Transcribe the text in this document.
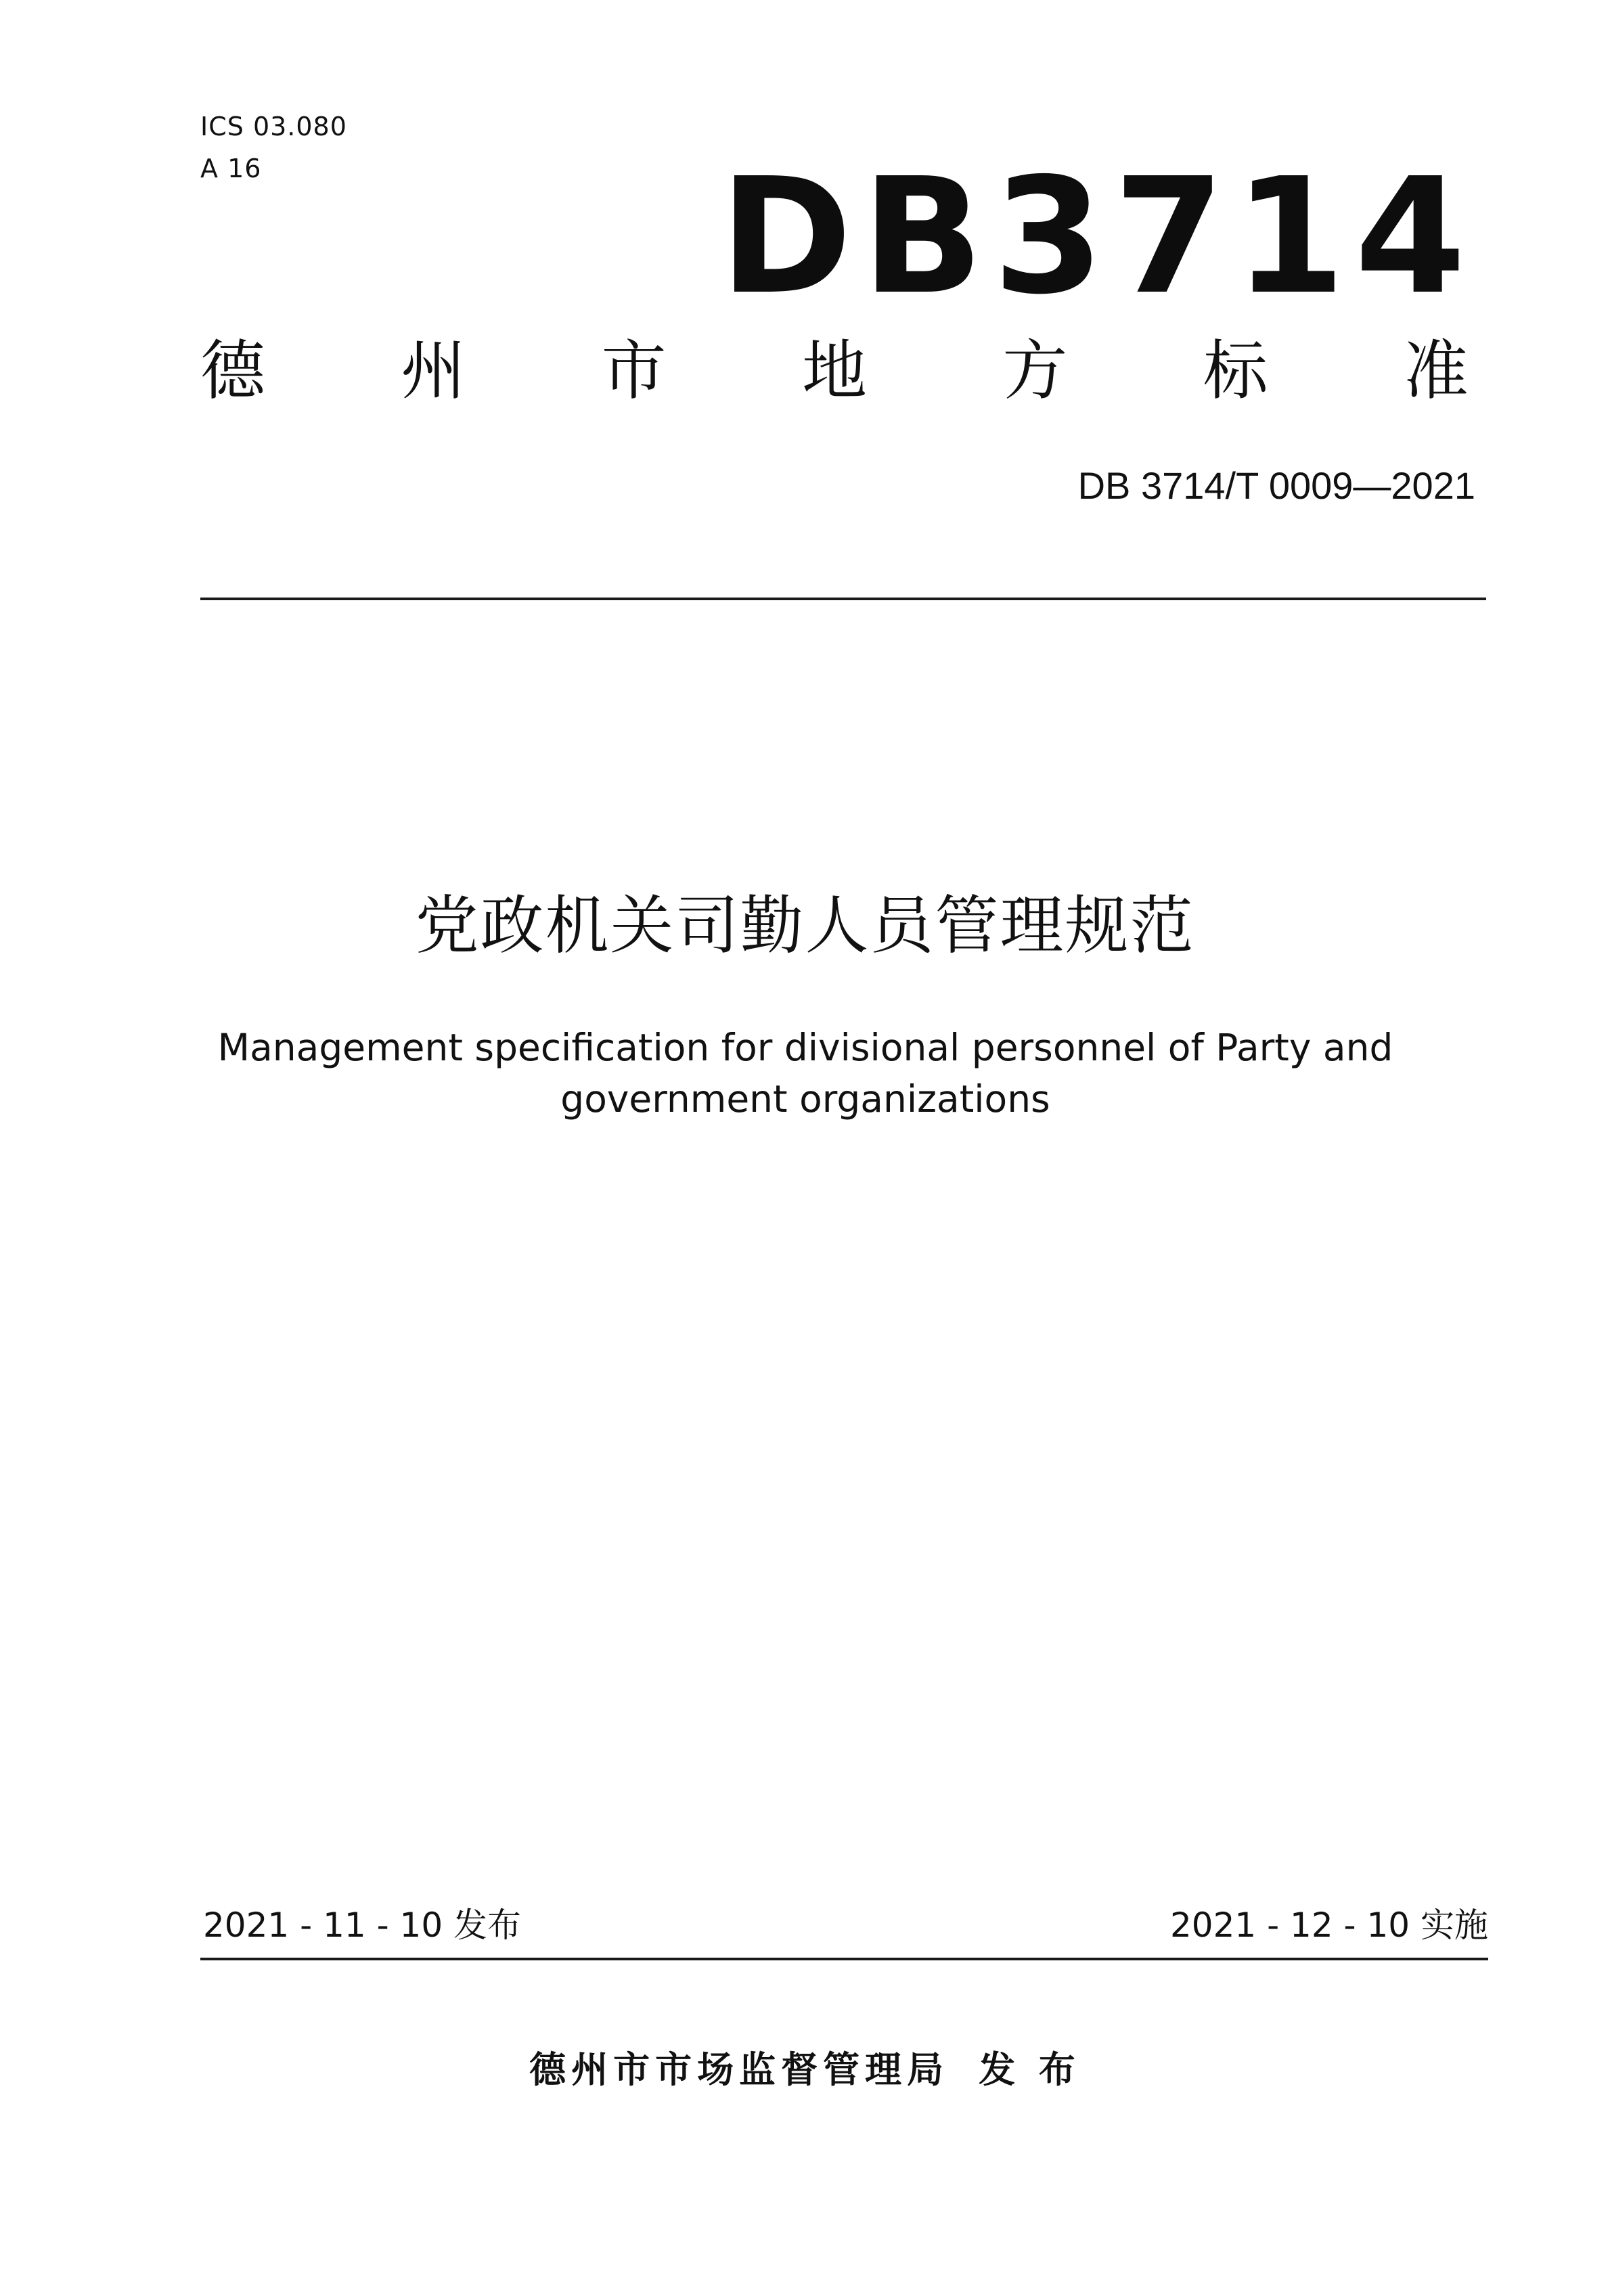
ICS 03.080
A 16	DB3714
德 州 市 地 方 标 准
DB 3714/T 0009—2021
党政机关司勤人员管理规范
Management specification for divisional personnel of Party and government organizations
2021 - 11 - 10 发布	2021 - 12 - 10 实施
德州市市场监督管理局 发 布
